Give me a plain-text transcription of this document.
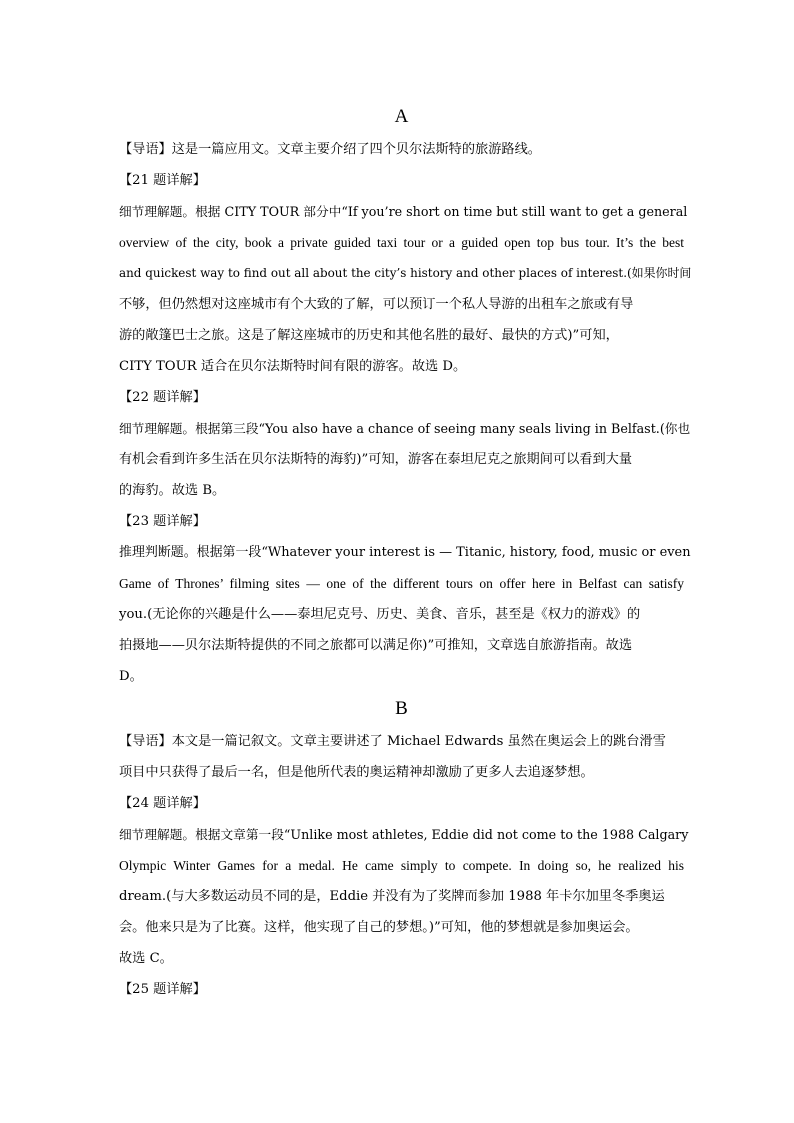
A
【导语】这是一篇应用文。文章主要介绍了四个贝尔法斯特的旅游路线。
【21 题详解】
细节理解题。根据 CITY TOUR 部分中“If you’re short on time but still want to get a general
overview of the city, book a private guided taxi tour or a guided open top bus tour. It’s the best
and quickest way to find out all about the city’s history and other places of interest.(如果你时间
不够，但仍然想对这座城市有个大致的了解，可以预订一个私人导游的出租车之旅或有导
游的敞篷巴士之旅。这是了解这座城市的历史和其他名胜的最好、最快的方式)”可知，
CITY TOUR 适合在贝尔法斯特时间有限的游客。故选 D。
【22 题详解】
细节理解题。根据第三段“You also have a chance of seeing many seals living in Belfast.(你也
有机会看到许多生活在贝尔法斯特的海豹)”可知，游客在泰坦尼克之旅期间可以看到大量
的海豹。故选 B。
【23 题详解】
推理判断题。根据第一段“Whatever your interest is — Titanic, history, food, music or even
Game of Thrones’ filming sites — one of the different tours on offer here in Belfast can satisfy
you.(无论你的兴趣是什么——泰坦尼克号、历史、美食、音乐，甚至是《权力的游戏》的
拍摄地——贝尔法斯特提供的不同之旅都可以满足你)”可推知，文章选自旅游指南。故选
D。
B
【导语】本文是一篇记叙文。文章主要讲述了 Michael Edwards 虽然在奥运会上的跳台滑雪
项目中只获得了最后一名，但是他所代表的奥运精神却激励了更多人去追逐梦想。
【24 题详解】
细节理解题。根据文章第一段“Unlike most athletes, Eddie did not come to the 1988 Calgary
Olympic Winter Games for a medal. He came simply to compete. In doing so, he realized his
dream.(与大多数运动员不同的是，Eddie 并没有为了奖牌而参加 1988 年卡尔加里冬季奥运
会。他来只是为了比赛。这样，他实现了自己的梦想。)”可知，他的梦想就是参加奥运会。
故选 C。
【25 题详解】
